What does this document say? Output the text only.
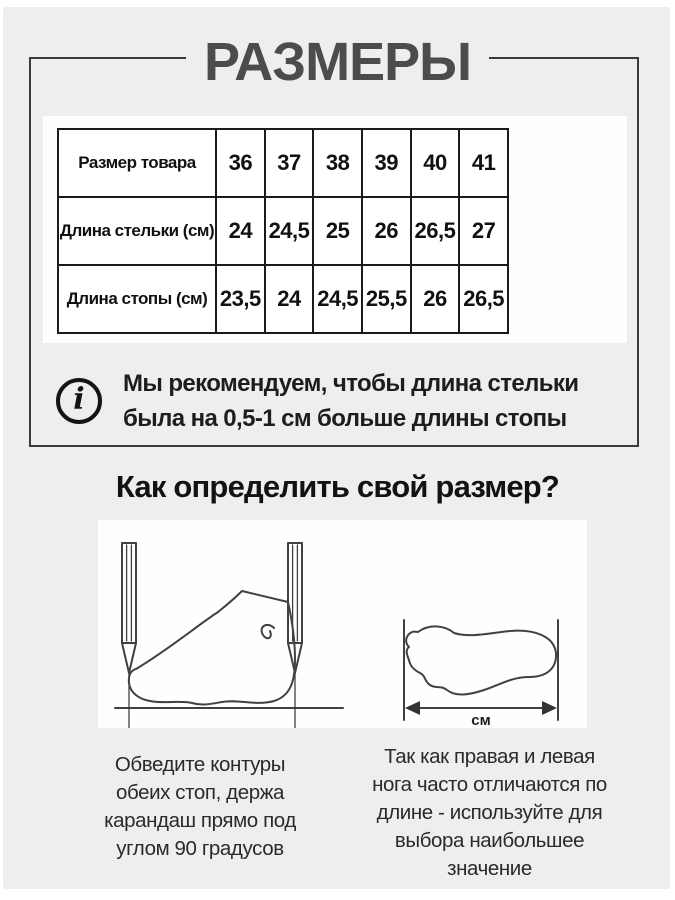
РАЗМЕРЫ
Размер товара	36	37	38	39	40	41
Длина стельки (см)	24	24,5	25	26	26,5	27
Длина стопы (см)	23,5	24	24,5	25,5	26	26,5
i Мы рекомендуем, чтобы длина стельки
была на 0,5-1 см больше длины стопы
Как определить свой размер?
см
Обведите контуры
обеих стоп, держа
карандаш прямо под
углом 90 градусов
Так как правая и левая
нога часто отличаются по
длине - используйте для
выбора наибольшее
значение
